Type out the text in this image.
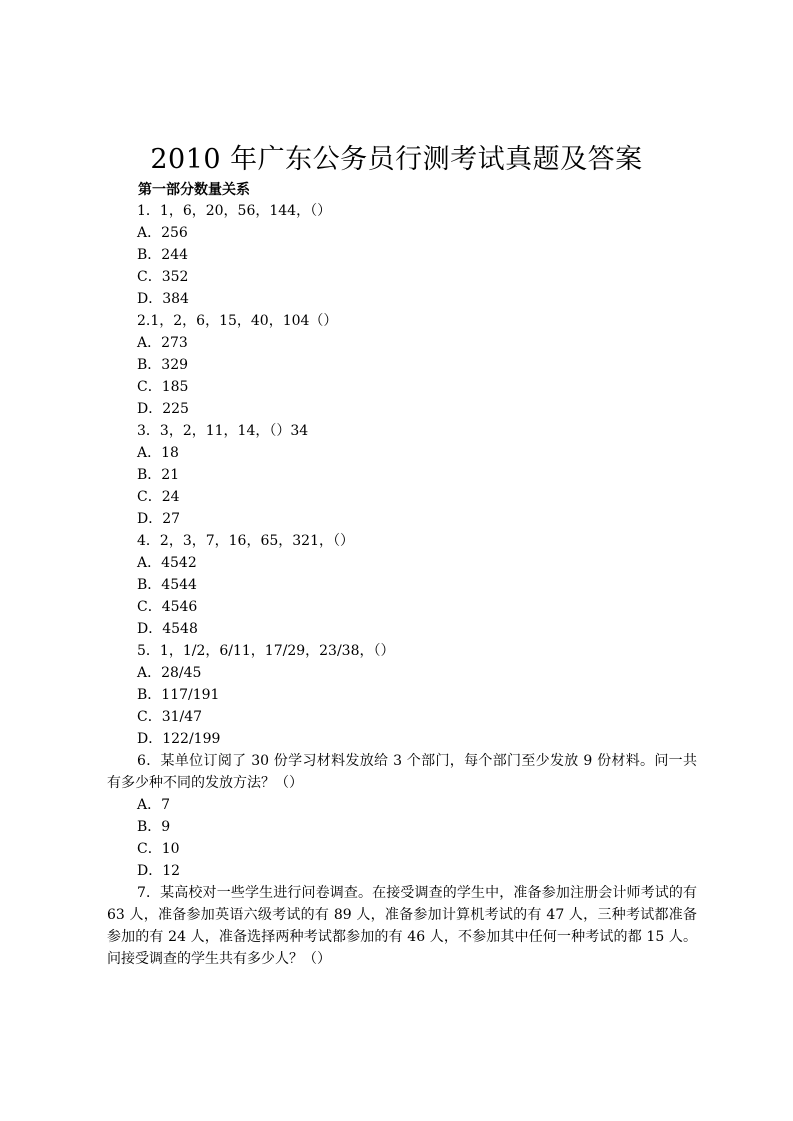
2010 年广东公务员行测考试真题及答案
第一部分数量关系
1．1，6，20，56，144，（）
A．256
B．244
C．352
D．384
2.1，2，6，15，40，104（）
A．273
B．329
C．185
D．225
3．3，2，11，14，（）34
A．18
B．21
C．24
D．27
4．2，3，7，16，65，321，（）
A．4542
B．4544
C．4546
D．4548
5．1，1/2，6/11，17/29，23/38，（）
A．28/45
B．117/191
C．31/47
D．122/199
6．某单位订阅了 30 份学习材料发放给 3 个部门，每个部门至少发放 9 份材料。问一共有多少种不同的发放方法？（）
A．7
B．9
C．10
D．12
7．某高校对一些学生进行问卷调查。在接受调查的学生中，准备参加注册会计师考试的有 63 人，准备参加英语六级考试的有 89 人，准备参加计算机考试的有 47 人，三种考试都准备参加的有 24 人，准备选择两种考试都参加的有 46 人，不参加其中任何一种考试的都 15 人。问接受调查的学生共有多少人？（）
